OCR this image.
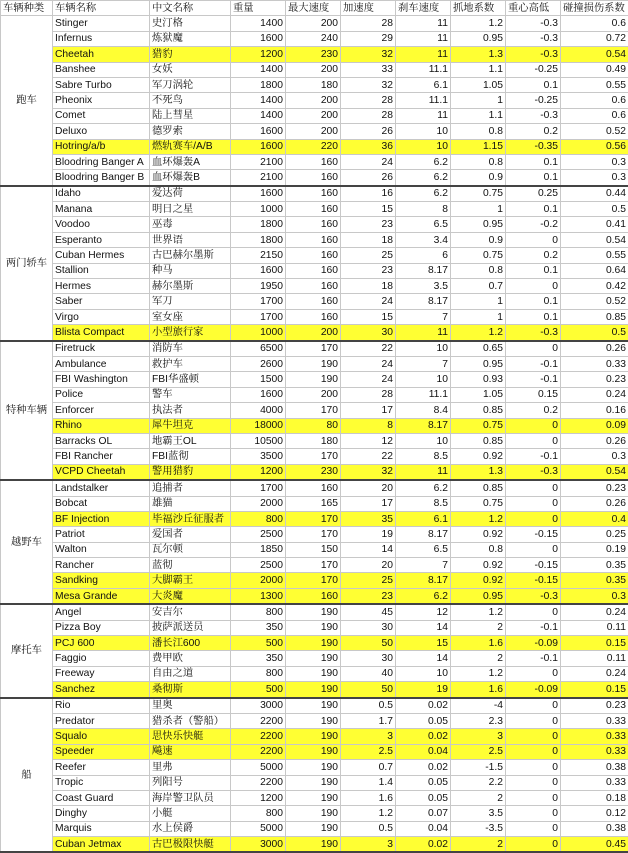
车辆种类	车辆名称	中文名称	重量	最大速度	加速度	刹车速度	抓地系数	重心高低	碰撞损伤系数
跑车	Stinger	史汀格	1400	200	28	11	1.2	-0.3	0.6
	Infernus	炼狱魔	1600	240	29	11	0.95	-0.3	0.72
	Cheetah	猎豹	1200	230	32	11	1.3	-0.3	0.54
	Banshee	女妖	1400	200	33	11.1	1.1	-0.25	0.49
	Sabre Turbo	军刀涡轮	1800	180	32	6.1	1.05	0.1	0.55
	Pheonix	不死鸟	1400	200	28	11.1	1	-0.25	0.6
	Comet	陆上彗星	1400	200	28	11	1.1	-0.3	0.6
	Deluxo	德罗索	1600	200	26	10	0.8	0.2	0.52
	Hotring/a/b	燃轨赛车/A/B	1600	220	36	10	1.15	-0.35	0.56
	Bloodring Banger A	血环爆轰A	2100	160	24	6.2	0.8	0.1	0.3
	Bloodring Banger B	血环爆轰B	2100	160	26	6.2	0.9	0.1	0.3
两门轿车	Idaho	爱达荷	1600	160	16	6.2	0.75	0.25	0.44
	Manana	明日之星	1000	160	15	8	1	0.1	0.5
	Voodoo	巫毒	1800	160	23	6.5	0.95	-0.2	0.41
	Esperanto	世界语	1800	160	18	3.4	0.9	0	0.54
	Cuban Hermes	古巴赫尔墨斯	2150	160	25	6	0.75	0.2	0.55
	Stallion	种马	1600	160	23	8.17	0.8	0.1	0.64
	Hermes	赫尔墨斯	1950	160	18	3.5	0.7	0	0.42
	Saber	军刀	1700	160	24	8.17	1	0.1	0.52
	Virgo	室女座	1700	160	15	7	1	0.1	0.85
	Blista Compact	小型旅行家	1000	200	30	11	1.2	-0.3	0.5
特种车辆	Firetruck	消防车	6500	170	22	10	0.65	0	0.26
	Ambulance	救护车	2600	190	24	7	0.95	-0.1	0.33
	FBI Washington	FBI华盛顿	1500	190	24	10	0.93	-0.1	0.23
	Police	警车	1600	200	28	11.1	1.05	0.15	0.24
	Enforcer	执法者	4000	170	17	8.4	0.85	0.2	0.16
	Rhino	犀牛坦克	18000	80	8	8.17	0.75	0	0.09
	Barracks OL	地霸王OL	10500	180	12	10	0.85	0	0.26
	FBI Rancher	FBI蓝彻	3500	170	22	8.5	0.92	-0.1	0.3
	VCPD Cheetah	警用猎豹	1200	230	32	11	1.3	-0.3	0.54
越野车	Landstalker	追捕者	1700	160	20	6.2	0.85	0	0.23
	Bobcat	雄猫	2000	165	17	8.5	0.75	0	0.26
	BF Injection	毕福沙丘征服者	800	170	35	6.1	1.2	0	0.4
	Patriot	爱国者	2500	170	19	8.17	0.92	-0.15	0.25
	Walton	瓦尔顿	1850	150	14	6.5	0.8	0	0.19
	Rancher	蓝彻	2500	170	20	7	0.92	-0.15	0.35
	Sandking	大脚霸王	2000	170	25	8.17	0.92	-0.15	0.35
	Mesa Grande	大炎魔	1300	160	23	6.2	0.95	-0.3	0.3
摩托车	Angel	安吉尔	800	190	45	12	1.2	0	0.24
	Pizza Boy	披萨派送员	350	190	30	14	2	-0.1	0.11
	PCJ 600	潘长江600	500	190	50	15	1.6	-0.09	0.15
	Faggio	费甲欧	350	190	30	14	2	-0.1	0.11
	Freeway	自由之道	800	190	40	10	1.2	0	0.24
	Sanchez	桑彻斯	500	190	50	19	1.6	-0.09	0.15
船	Rio	里奥	3000	190	0.5	0.02	-4	0	0.23
	Predator	猎杀者（警船）	2200	190	1.7	0.05	2.3	0	0.33
	Squalo	思快乐快艇	2200	190	3	0.02	3	0	0.33
	Speeder	飚速	2200	190	2.5	0.04	2.5	0	0.33
	Reefer	里弗	5000	190	0.7	0.02	-1.5	0	0.38
	Tropic	列阳号	2200	190	1.4	0.05	2.2	0	0.33
	Coast Guard	海岸警卫队员	1200	190	1.6	0.05	2	0	0.18
	Dinghy	小艇	800	190	1.2	0.07	3.5	0	0.12
	Marquis	水上侯爵	5000	190	0.5	0.04	-3.5	0	0.38
	Cuban Jetmax	古巴极限快艇	3000	190	3	0.02	2	0	0.45
